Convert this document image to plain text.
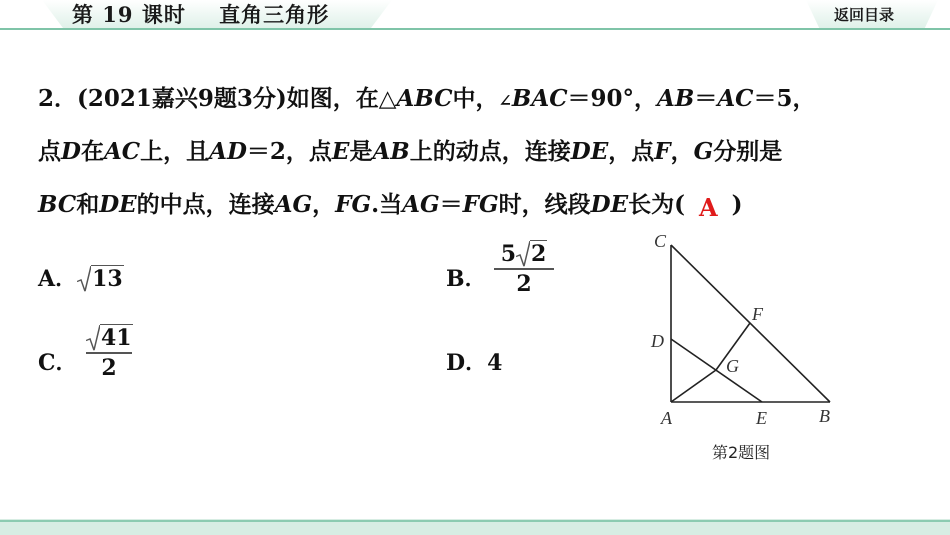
第 19 课时    直角三角形	返回目录
2．(2021嘉兴9题3分)如图，在△ABC中，∠BAC＝90°，AB＝AC＝5，
点D在AC上，且AD＝2，点E是AB上的动点，连接DE，点F，G分别是
BC和DE的中点，连接AG，FG.当AG＝FG时，线段DE长为( A )
A． 13	B．
5 2
2
C．
41
2	D．4
C
F
D
G
A	E	B
第2题图
